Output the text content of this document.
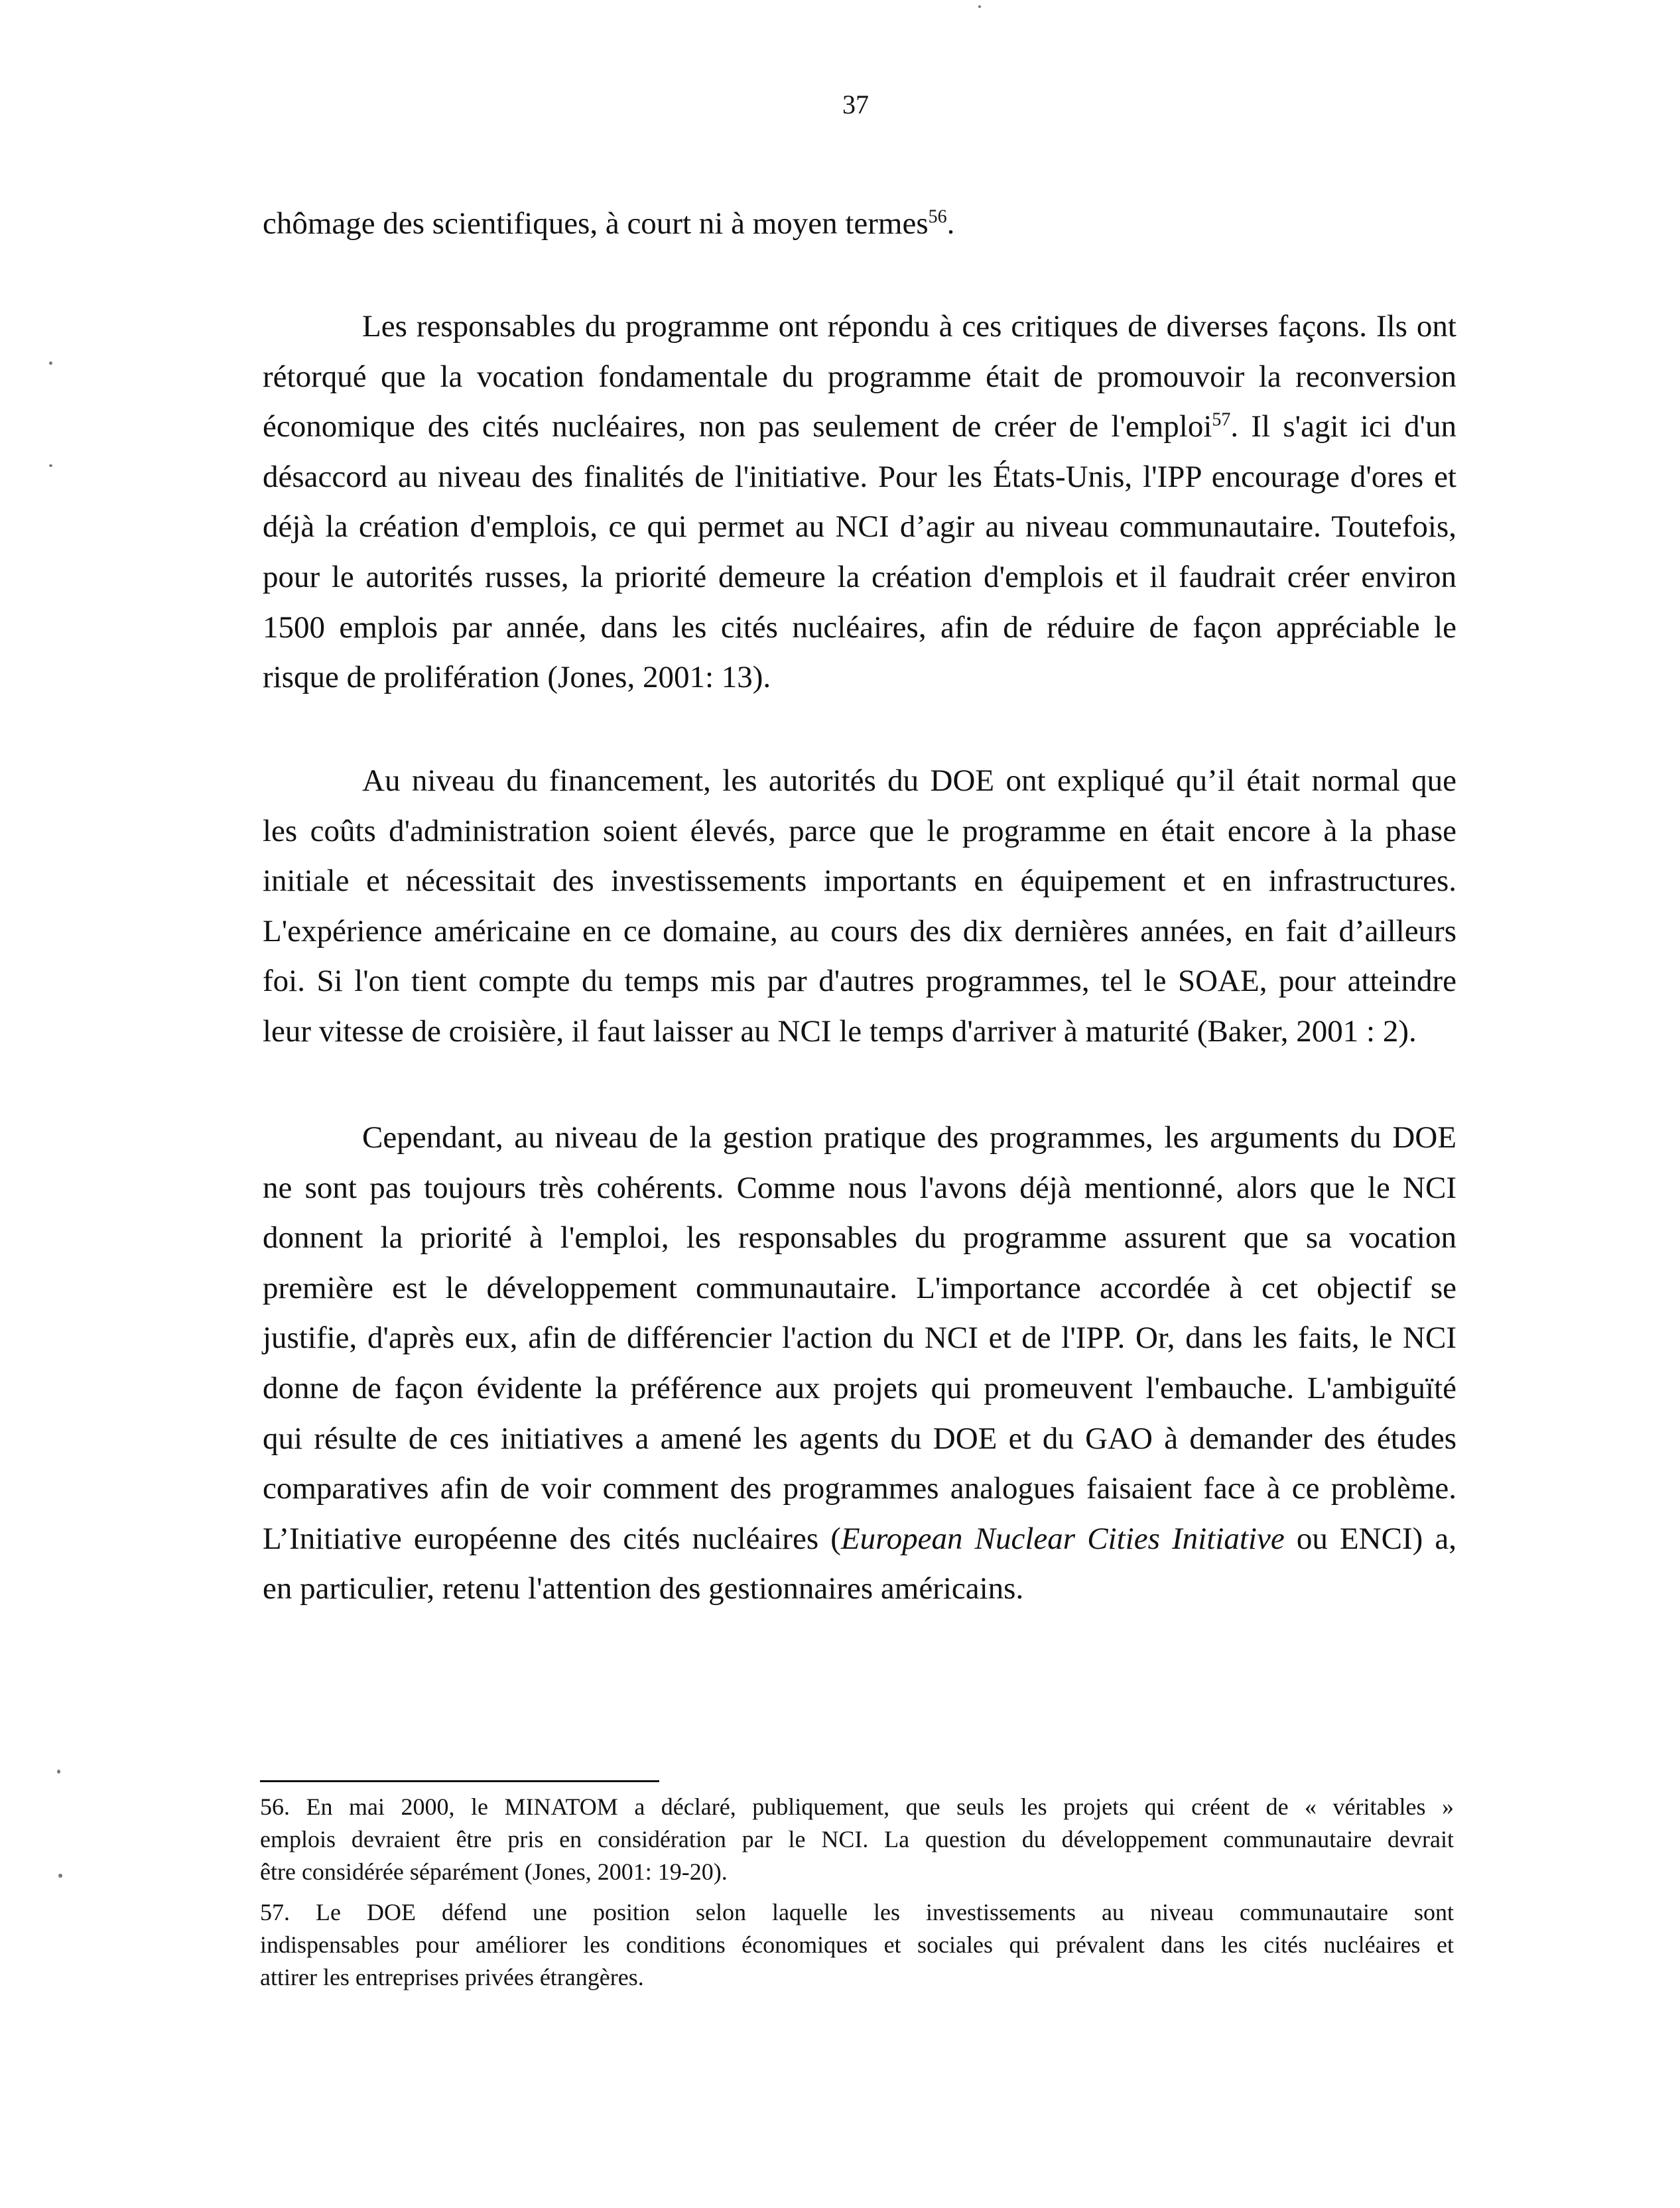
37
chômage des scientifiques, à court ni à moyen termes$^{56}$.
Les responsables du programme ont répondu à ces critiques de diverses façons. Ils ont
rétorqué que la vocation fondamentale du programme était de promouvoir la reconversion
économique des cités nucléaires, non pas seulement de créer de l'emploi$^{57}$. Il s'agit ici d'un
désaccord au niveau des finalités de l'initiative. Pour les États-Unis, l'IPP encourage d'ores et
déjà la création d'emplois, ce qui permet au NCI d’agir au niveau communautaire. Toutefois,
pour le autorités russes, la priorité demeure la création d'emplois et il faudrait créer environ
1500 emplois par année, dans les cités nucléaires, afin de réduire de façon appréciable le
risque de prolifération (Jones, 2001: 13).
Au niveau du financement, les autorités du DOE ont expliqué qu’il était normal que
les coûts d'administration soient élevés, parce que le programme en était encore à la phase
initiale et nécessitait des investissements importants en équipement et en infrastructures.
L'expérience américaine en ce domaine, au cours des dix dernières années, en fait d’ailleurs
foi. Si l'on tient compte du temps mis par d'autres programmes, tel le SOAE, pour atteindre
leur vitesse de croisière, il faut laisser au NCI le temps d'arriver à maturité (Baker, 2001 : 2).
Cependant, au niveau de la gestion pratique des programmes, les arguments du DOE
ne sont pas toujours très cohérents. Comme nous l'avons déjà mentionné, alors que le NCI
donnent la priorité à l'emploi, les responsables du programme assurent que sa vocation
première est le développement communautaire. L'importance accordée à cet objectif se
justifie, d'après eux, afin de différencier l'action du NCI et de l'IPP. Or, dans les faits, le NCI
donne de façon évidente la préférence aux projets qui promeuvent l'embauche. L'ambiguïté
qui résulte de ces initiatives a amené les agents du DOE et du GAO à demander des études
comparatives afin de voir comment des programmes analogues faisaient face à ce problème.
L’Initiative européenne des cités nucléaires (European Nuclear Cities Initiative ou ENCI) a,
en particulier, retenu l'attention des gestionnaires américains.
56. En mai 2000, le MINATOM a déclaré, publiquement, que seuls les projets qui créent de « véritables »
emplois devraient être pris en considération par le NCI. La question du développement communautaire devrait
être considérée séparément (Jones, 2001: 19-20).
57. Le DOE défend une position selon laquelle les investissements au niveau communautaire sont
indispensables pour améliorer les conditions économiques et sociales qui prévalent dans les cités nucléaires et
attirer les entreprises privées étrangères.
